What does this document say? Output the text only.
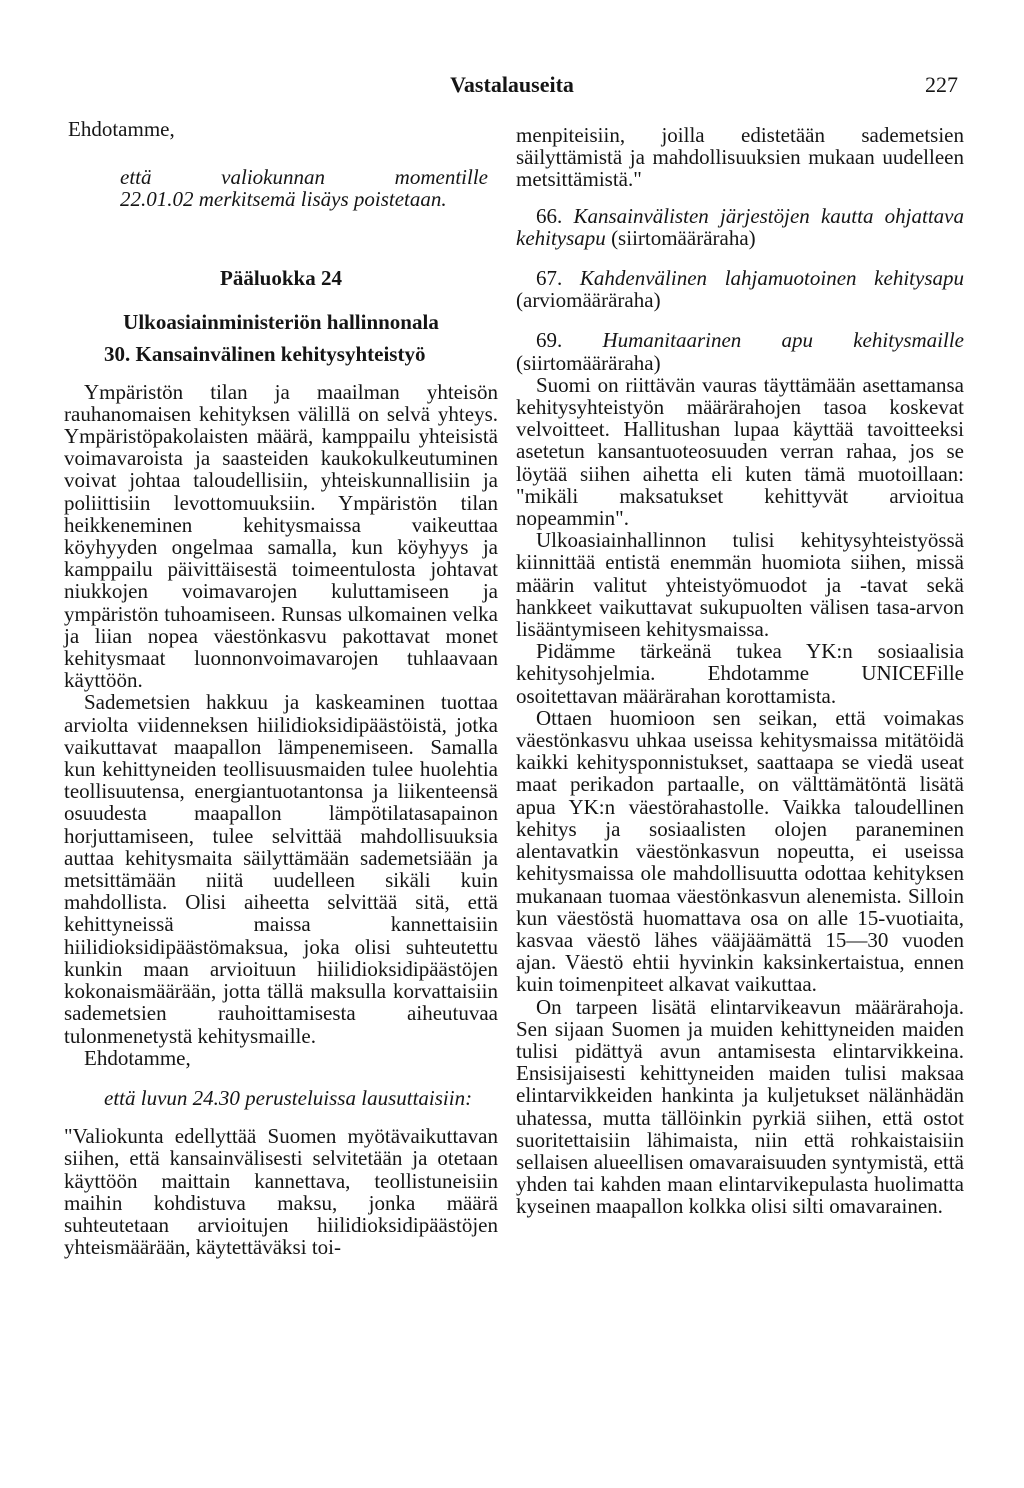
Vastalauseita	227

Ehdotamme,

että valiokunnan momentille

22.01.02 merkitsemä lisäys poistetaan.

Pääluokka 24

Ulkoasiainministeriön hallinnonala

30. Kansainvälinen kehitysyhteistyö

Ympäristön tilan ja maailman yhteisön rauhanomaisen kehityksen välillä on selvä yhteys. Ympäristöpakolaisten määrä, kamppailu yhteisistä voimavaroista ja saasteiden kaukokulkeutuminen voivat johtaa taloudellisiin, yhteiskunnallisiin ja poliittisiin levottomuuksiin. Ympäristön tilan heikkeneminen kehitysmaissa vaikeuttaa köyhyyden ongelmaa samalla, kun köyhyys ja kamppailu päivittäisestä toimeentulosta johtavat niukkojen voimavarojen kuluttamiseen ja ympäristön tuhoamiseen. Runsas ulkomainen velka ja liian nopea väestönkasvu pakottavat monet kehitysmaat luonnonvoimavarojen tuhlaavaan käyttöön.

Sademetsien hakkuu ja kaskeaminen tuottaa arviolta viidenneksen hiilidioksidipäästöistä, jotka vaikuttavat maapallon lämpenemiseen. Samalla kun kehittyneiden teollisuusmaiden tulee huolehtia teollisuutensa, energiantuotantonsa ja liikenteensä osuudesta maapallon lämpötilatasapainon horjuttamiseen, tulee selvittää mahdollisuuksia auttaa kehitysmaita säilyttämään sademetsiään ja metsittämään niitä uudelleen sikäli kuin mahdollista. Olisi aiheetta selvittää sitä, että kehittyneissä maissa kannettaisiin hiilidioksidipäästömaksua, joka olisi suhteutettu kunkin maan arvioituun hiilidioksidipäästöjen kokonaismäärään, jotta tällä maksulla korvattaisiin sademetsien rauhoittamisesta aiheutuvaa tulonmenetystä kehitysmaille.

Ehdotamme,

että luvun 24.30 perusteluissa lausuttaisiin:

"Valiokunta edellyttää Suomen myötävaikuttavan siihen, että kansainvälisesti selvitetään ja otetaan käyttöön maittain kannettava, teollistuneisiin maihin kohdistuva maksu, jonka määrä suhteutetaan arvioitujen hiilidioksidipäästöjen yhteismäärään, käytettäväksi toi-

menpiteisiin, joilla edistetään sademetsien säilyttämistä ja mahdollisuuksien mukaan uudelleen metsittämistä."

66. Kansainvälisten järjestöjen kautta ohjattava kehitysapu (siirtomääräraha)

67. Kahdenvälinen lahjamuotoinen kehitysapu (arviomääräraha)

69. Humanitaarinen apu kehitysmaille (siirtomääräraha)

Suomi on riittävän vauras täyttämään asettamansa kehitysyhteistyön määrärahojen tasoa koskevat velvoitteet. Hallitushan lupaa käyttää tavoitteeksi asetetun kansantuoteosuuden verran rahaa, jos se löytää siihen aihetta eli kuten tämä muotoillaan: "mikäli maksatukset kehittyvät arvioitua nopeammin".

Ulkoasiainhallinnon tulisi kehitysyhteistyössä kiinnittää entistä enemmän huomiota siihen, missä määrin valitut yhteistyömuodot ja -tavat sekä hankkeet vaikuttavat sukupuolten välisen tasa-arvon lisääntymiseen kehitysmaissa.

Pidämme tärkeänä tukea YK:n sosiaalisia kehitysohjelmia. Ehdotamme UNICEFille osoitettavan määrärahan korottamista.

Ottaen huomioon sen seikan, että voimakas väestönkasvu uhkaa useissa kehitysmaissa mitätöidä kaikki kehitysponnistukset, saattaapa se viedä useat maat perikadon partaalle, on välttämätöntä lisätä apua YK:n väestörahastolle. Vaikka taloudellinen kehitys ja sosiaalisten olojen paraneminen alentavatkin väestönkasvun nopeutta, ei useissa kehitysmaissa ole mahdollisuutta odottaa kehityksen mukanaan tuomaa väestönkasvun alenemista. Silloin kun väestöstä huomattava osa on alle 15-vuotiaita, kasvaa väestö lähes vääjäämättä 15—30 vuoden ajan. Väestö ehtii hyvinkin kaksinkertaistua, ennen kuin toimenpiteet alkavat vaikuttaa.

On tarpeen lisätä elintarvikeavun määrärahoja. Sen sijaan Suomen ja muiden kehittyneiden maiden tulisi pidättyä avun antamisesta elintarvikkeina. Ensisijaisesti kehittyneiden maiden tulisi maksaa elintarvikkeiden hankinta ja kuljetukset nälänhädän uhatessa, mutta tällöinkin pyrkiä siihen, että ostot suoritettaisiin lähimaista, niin että rohkaistaisiin sellaisen alueellisen omavaraisuuden syntymistä, että yhden tai kahden maan elintarvikepulasta huolimatta kyseinen maapallon kolkka olisi silti omavarainen.
